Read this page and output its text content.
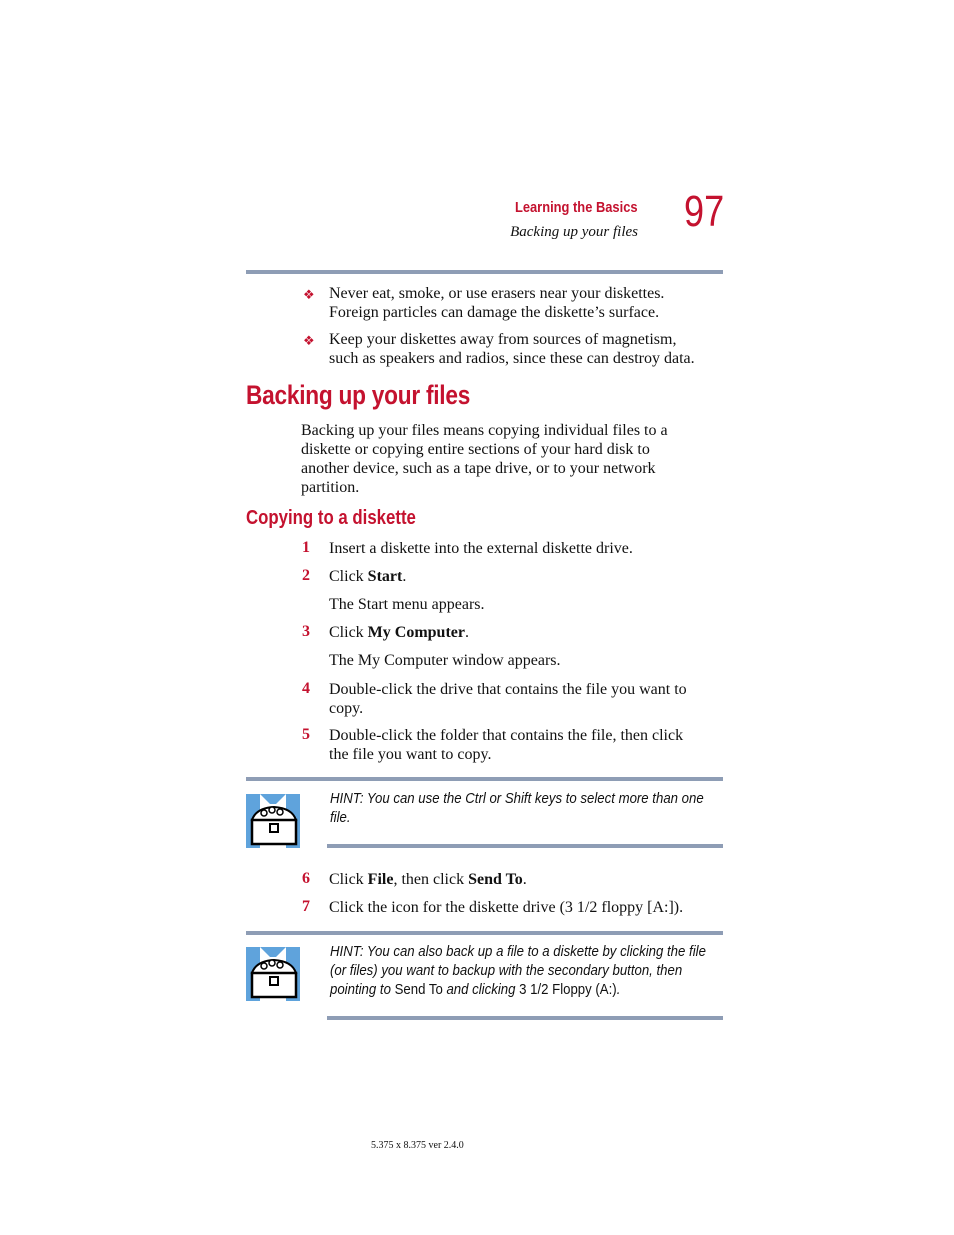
Learning the Basics
Backing up your files 97
❖ Never eat, smoke, or use erasers near your diskettes.
Foreign particles can damage the diskette’s surface.
❖ Keep your diskettes away from sources of magnetism,
such as speakers and radios, since these can destroy data.
Backing up your files
Backing up your files means copying individual files to a
diskette or copying entire sections of your hard disk to
another device, such as a tape drive, or to your network
partition.
Copying to a diskette
1 Insert a diskette into the external diskette drive.
2 Click Start.
The Start menu appears.
3 Click My Computer.
The My Computer window appears.
4 Double-click the drive that contains the file you want to
copy.
5 Double-click the folder that contains the file, then click
the file you want to copy.
HINT: You can use the Ctrl or Shift keys to select more than one
file.
6 Click File, then click Send To.
7 Click the icon for the diskette drive (3 1/2 floppy [A:]).
HINT: You can also back up a file to a diskette by clicking the file
(or files) you want to backup with the secondary button, then
pointing to Send To and clicking 3 1/2 Floppy (A:).
5.375 x 8.375 ver 2.4.0
